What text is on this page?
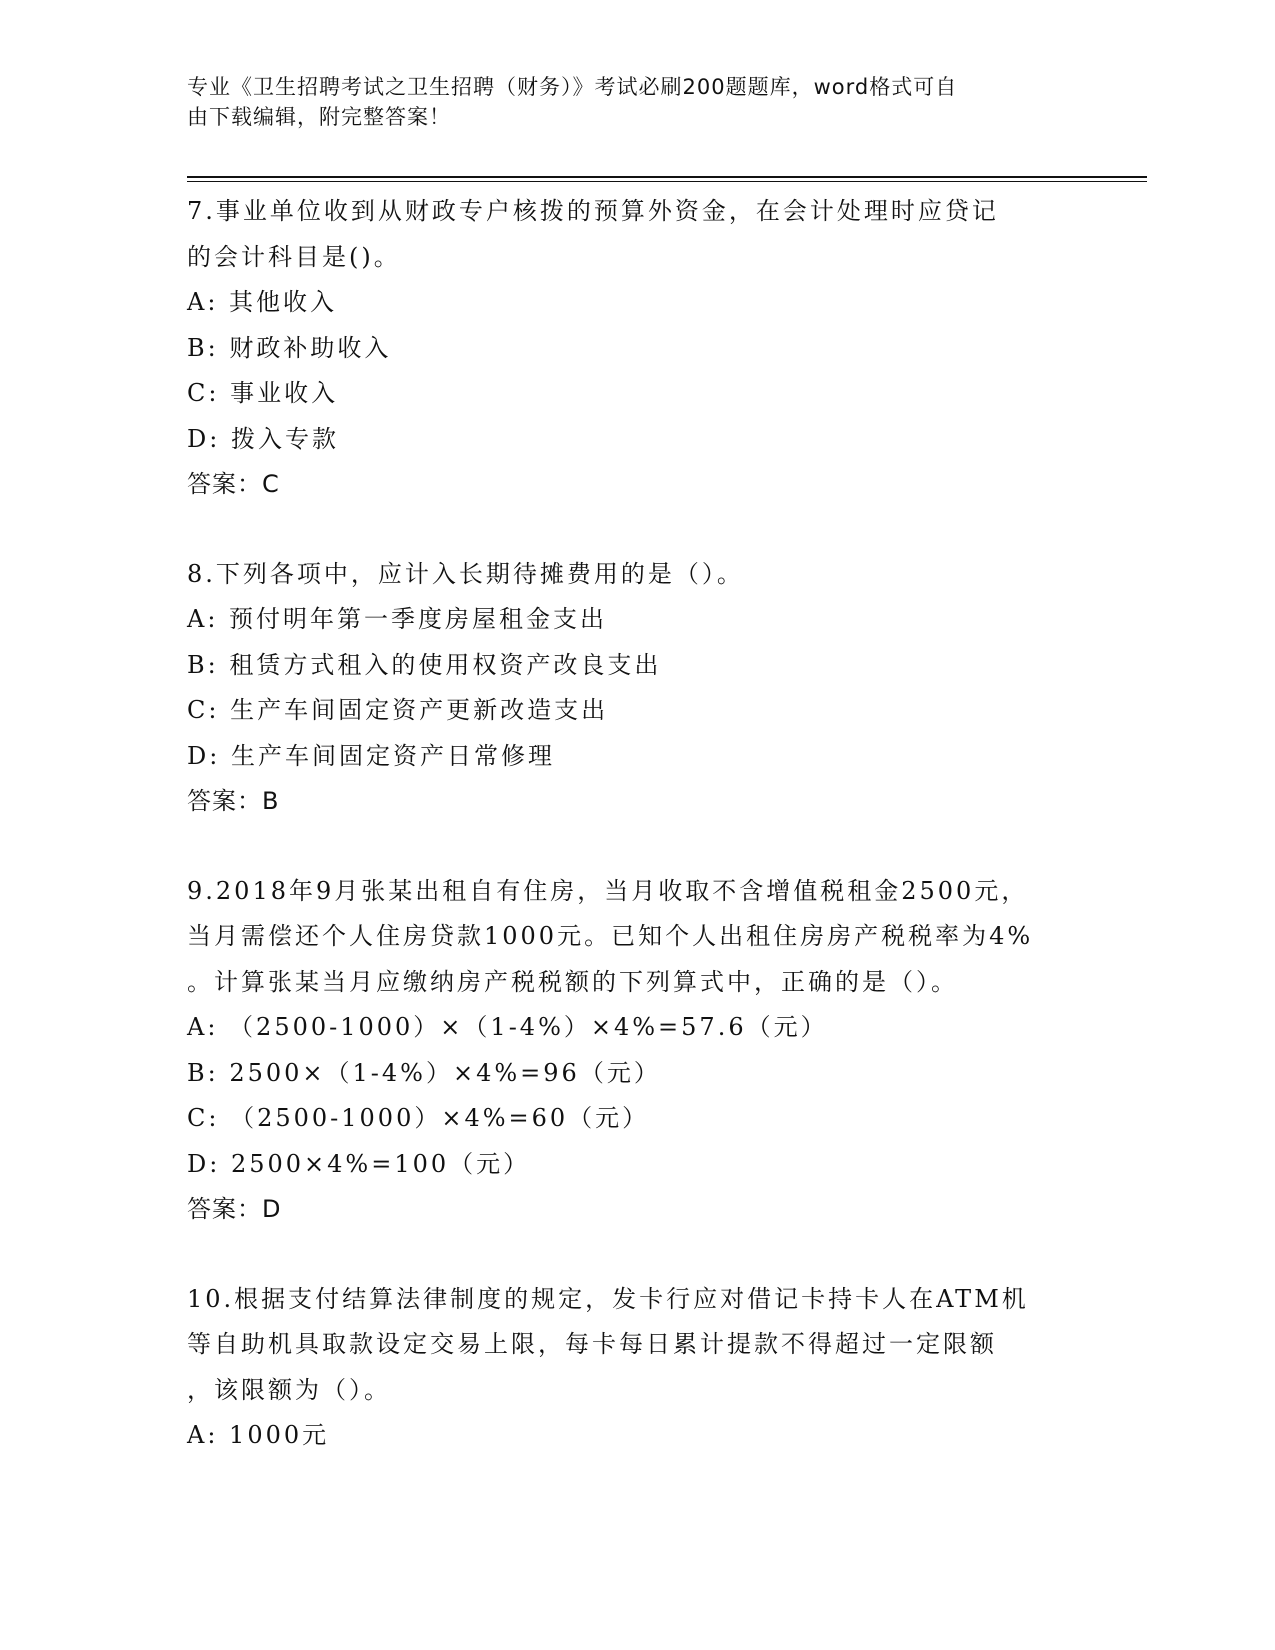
专业《卫生招聘考试之卫生招聘（财务）》考试必刷200题题库，word格式可自
由下载编辑，附完整答案！
7.事业单位收到从财政专户核拨的预算外资金，在会计处理时应贷记
的会计科目是()。
A: 其他收入
B: 财政补助收入
C: 事业收入
D: 拨入专款
答案：C
8.下列各项中，应计入长期待摊费用的是（）。
A: 预付明年第一季度房屋租金支出
B: 租赁方式租入的使用权资产改良支出
C: 生产车间固定资产更新改造支出
D: 生产车间固定资产日常修理
答案：B
9.2018年9月张某出租自有住房，当月收取不含增值税租金2500元，
当月需偿还个人住房贷款1000元。已知个人出租住房房产税税率为4%
。计算张某当月应缴纳房产税税额的下列算式中，正确的是（）。
A: （2500-1000）×（1-4%）×4%=57.6（元）
B: 2500×（1-4%）×4%=96（元）
C: （2500-1000）×4%=60（元）
D: 2500×4%=100（元）
答案：D
10.根据支付结算法律制度的规定，发卡行应对借记卡持卡人在ATM机
等自助机具取款设定交易上限，每卡每日累计提款不得超过一定限额
，该限额为（）。
A: 1000元
